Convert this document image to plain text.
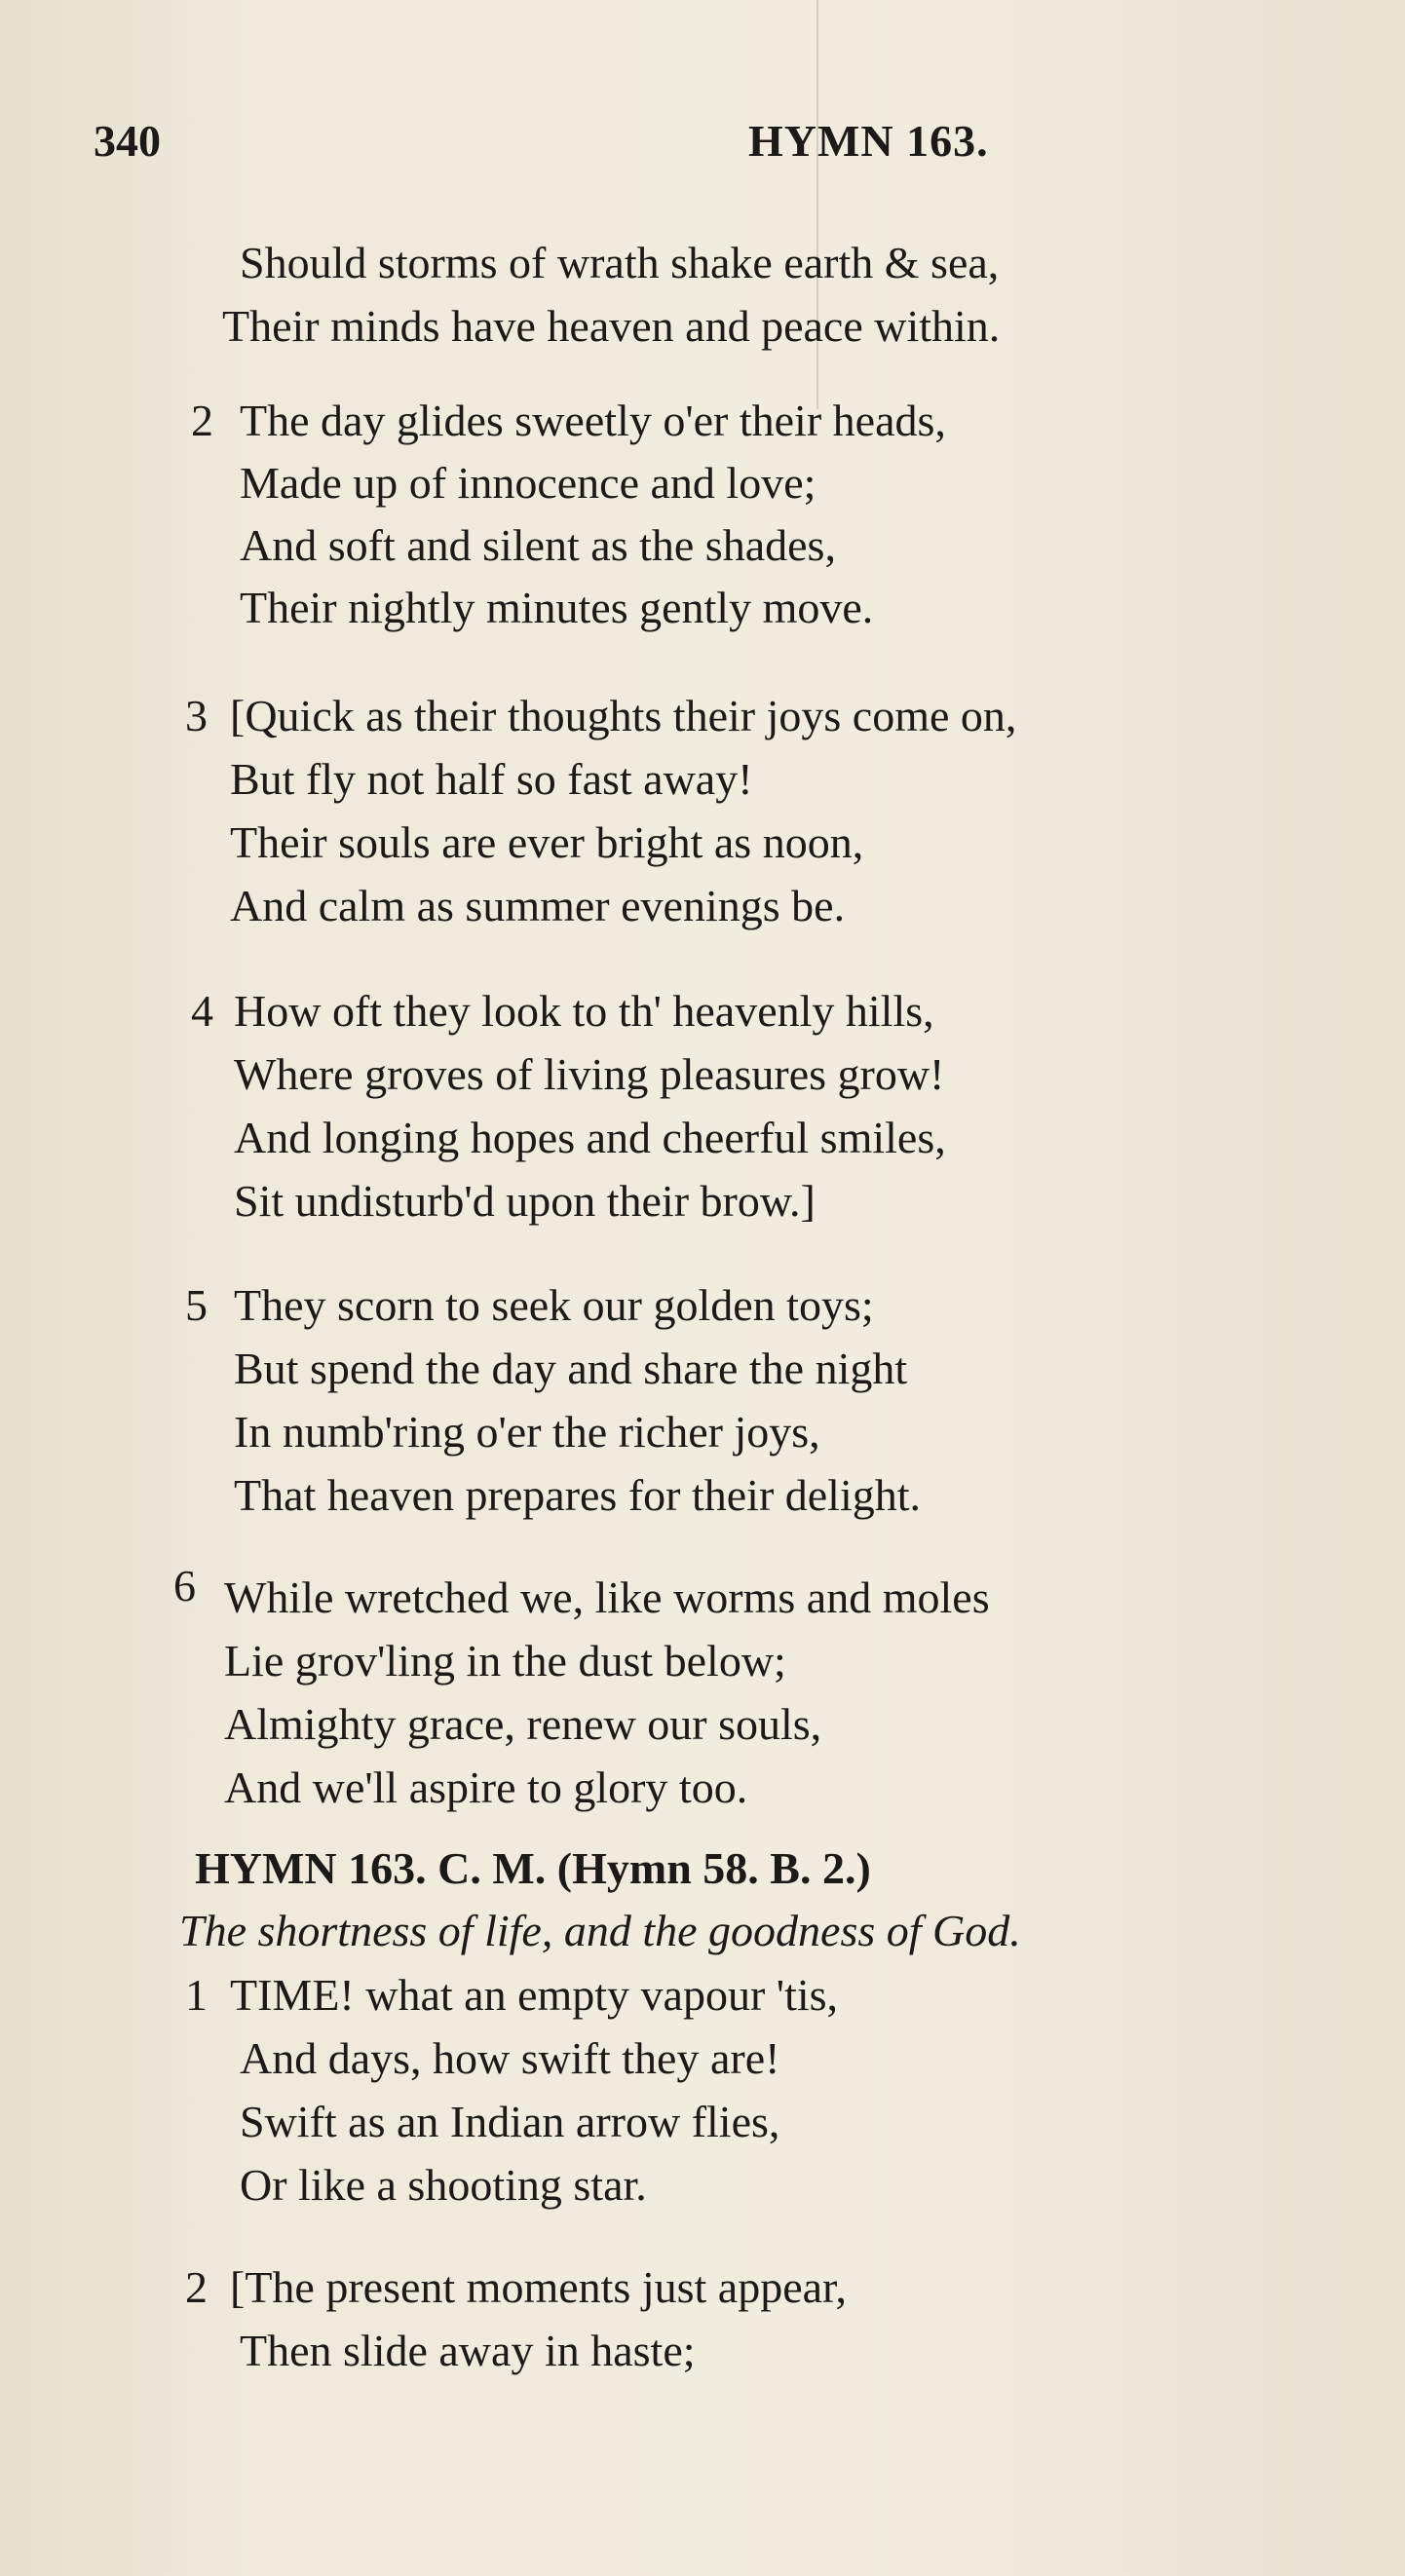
340	HYMN 163.
Should storms of wrath shake earth & sea,
Their minds have heaven and peace within.
2 The day glides sweetly o'er their heads,
Made up of innocence and love;
And soft and silent as the shades,
Their nightly minutes gently move.
3 [Quick as their thoughts their joys come on,
But fly not half so fast away!
Their souls are ever bright as noon,
And calm as summer evenings be.
4 How oft they look to th' heavenly hills,
Where groves of living pleasures grow!
And longing hopes and cheerful smiles,
Sit undisturb'd upon their brow.]
5 They scorn to seek our golden toys;
But spend the day and share the night
In numb'ring o'er the richer joys,
That heaven prepares for their delight.
6 While wretched we, like worms and moles
Lie grov'ling in the dust below;
Almighty grace, renew our souls,
And we'll aspire to glory too.
HYMN 163. C. M. (Hymn 58. B. 2.)
The shortness of life, and the goodness of God.
1 TIME! what an empty vapour 'tis,
And days, how swift they are!
Swift as an Indian arrow flies,
Or like a shooting star.
2 [The present moments just appear,
Then slide away in haste;
